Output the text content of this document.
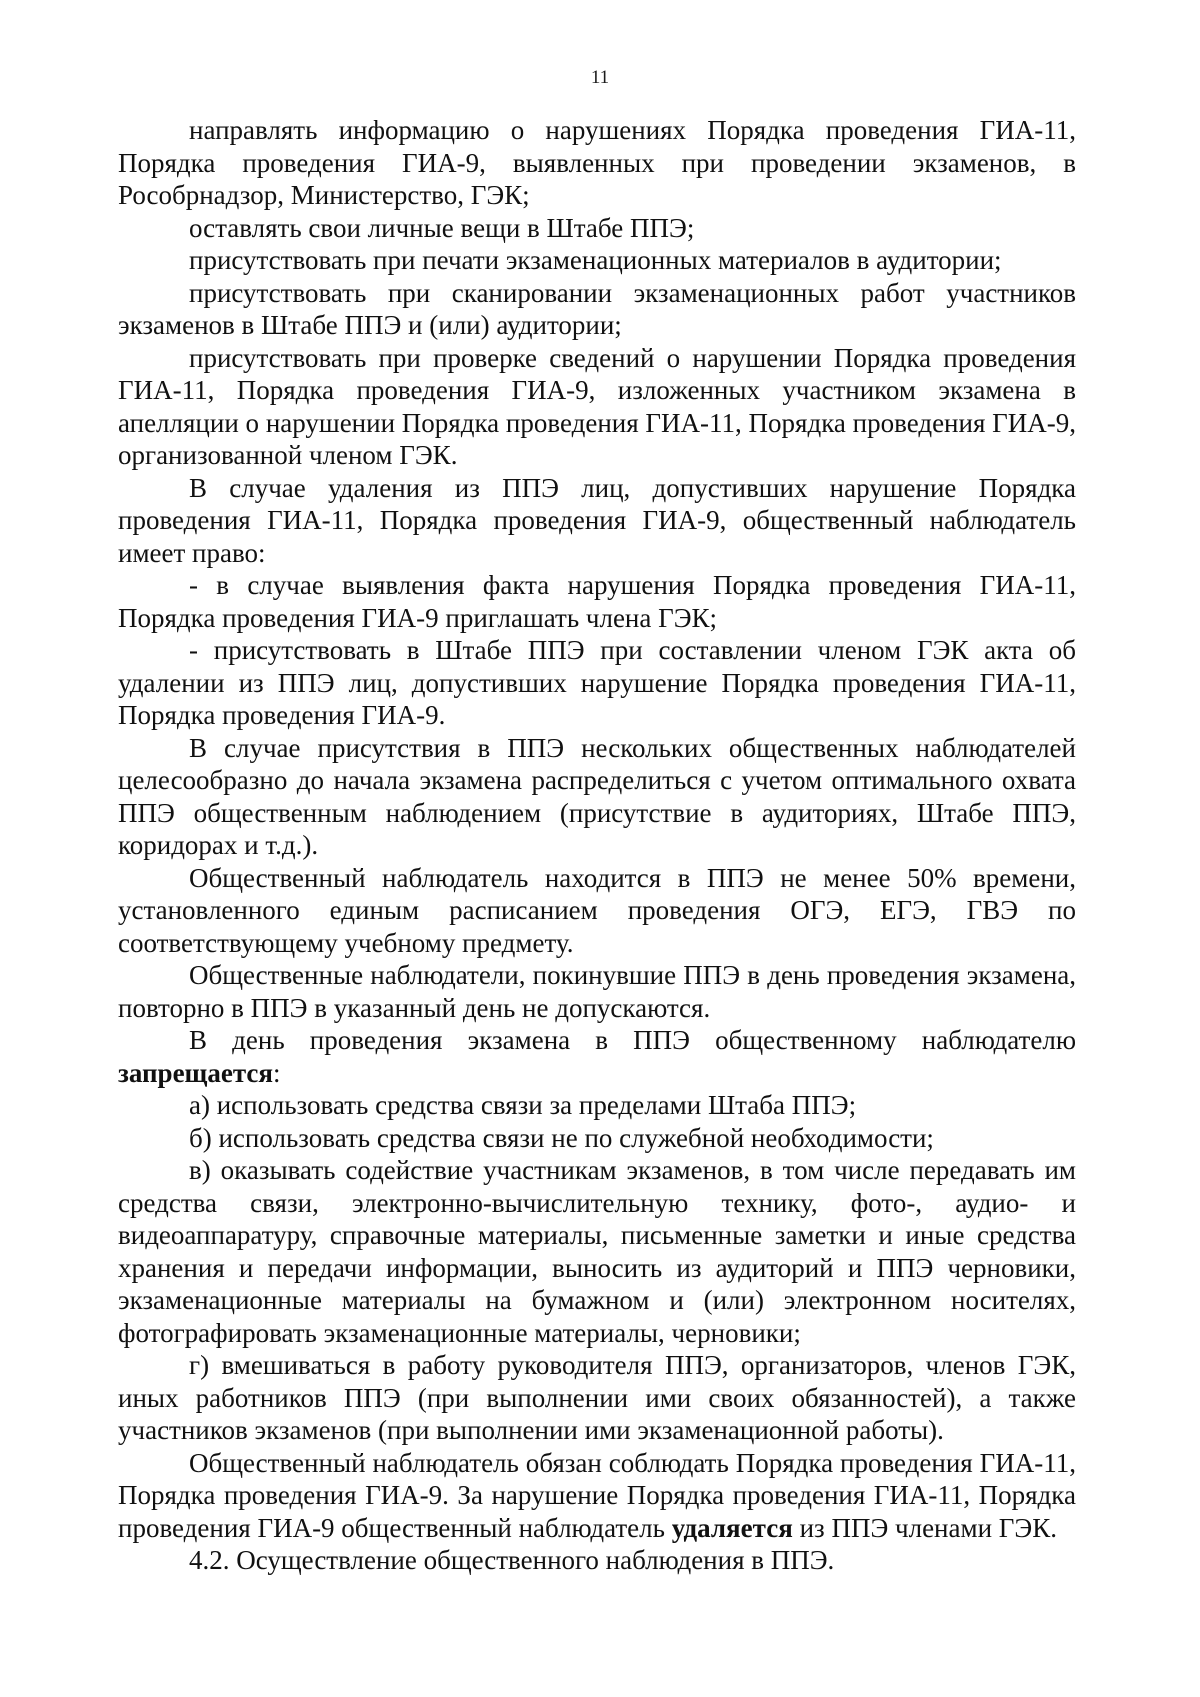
11

направлять информацию о нарушениях Порядка проведения ГИА-11, Порядка проведения ГИА-9, выявленных при проведении экзаменов, в Рособрнадзор, Министерство, ГЭК;

оставлять свои личные вещи в Штабе ППЭ;

присутствовать при печати экзаменационных материалов в аудитории;

присутствовать при сканировании экзаменационных работ участников экзаменов в Штабе ППЭ и (или) аудитории;

присутствовать при проверке сведений о нарушении Порядка проведения ГИА-11, Порядка проведения ГИА-9, изложенных участником экзамена в апелляции о нарушении Порядка проведения ГИА-11, Порядка проведения ГИА-9, организованной членом ГЭК.

В случае удаления из ППЭ лиц, допустивших нарушение Порядка проведения ГИА-11, Порядка проведения ГИА-9, общественный наблюдатель имеет право:

- в случае выявления факта нарушения Порядка проведения ГИА-11, Порядка проведения ГИА-9 приглашать члена ГЭК;

- присутствовать в Штабе ППЭ при составлении членом ГЭК акта об удалении из ППЭ лиц, допустивших нарушение Порядка проведения ГИА-11, Порядка проведения ГИА-9.

В случае присутствия в ППЭ нескольких общественных наблюдателей целесообразно до начала экзамена распределиться с учетом оптимального охвата ППЭ общественным наблюдением (присутствие в аудиториях, Штабе ППЭ, коридорах и т.д.).

Общественный наблюдатель находится в ППЭ не менее 50% времени, установленного единым расписанием проведения ОГЭ, ЕГЭ, ГВЭ по соответствующему учебному предмету.

Общественные наблюдатели, покинувшие ППЭ в день проведения экзамена, повторно в ППЭ в указанный день не допускаются.

В день проведения экзамена в ППЭ общественному наблюдателю запрещается:

а) использовать средства связи за пределами Штаба ППЭ;

б) использовать средства связи не по служебной необходимости;

в) оказывать содействие участникам экзаменов, в том числе передавать им средства связи, электронно-вычислительную технику, фото-, аудио- и видеоаппаратуру, справочные материалы, письменные заметки и иные средства хранения и передачи информации, выносить из аудиторий и ППЭ черновики, экзаменационные материалы на бумажном и (или) электронном носителях, фотографировать экзаменационные материалы, черновики;

г) вмешиваться в работу руководителя ППЭ, организаторов, членов ГЭК, иных работников ППЭ (при выполнении ими своих обязанностей), а также участников экзаменов (при выполнении ими экзаменационной работы).

Общественный наблюдатель обязан соблюдать Порядка проведения ГИА-11, Порядка проведения ГИА-9. За нарушение Порядка проведения ГИА-11, Порядка проведения ГИА-9 общественный наблюдатель удаляется из ППЭ членами ГЭК.

4.2. Осуществление общественного наблюдения в ППЭ.
